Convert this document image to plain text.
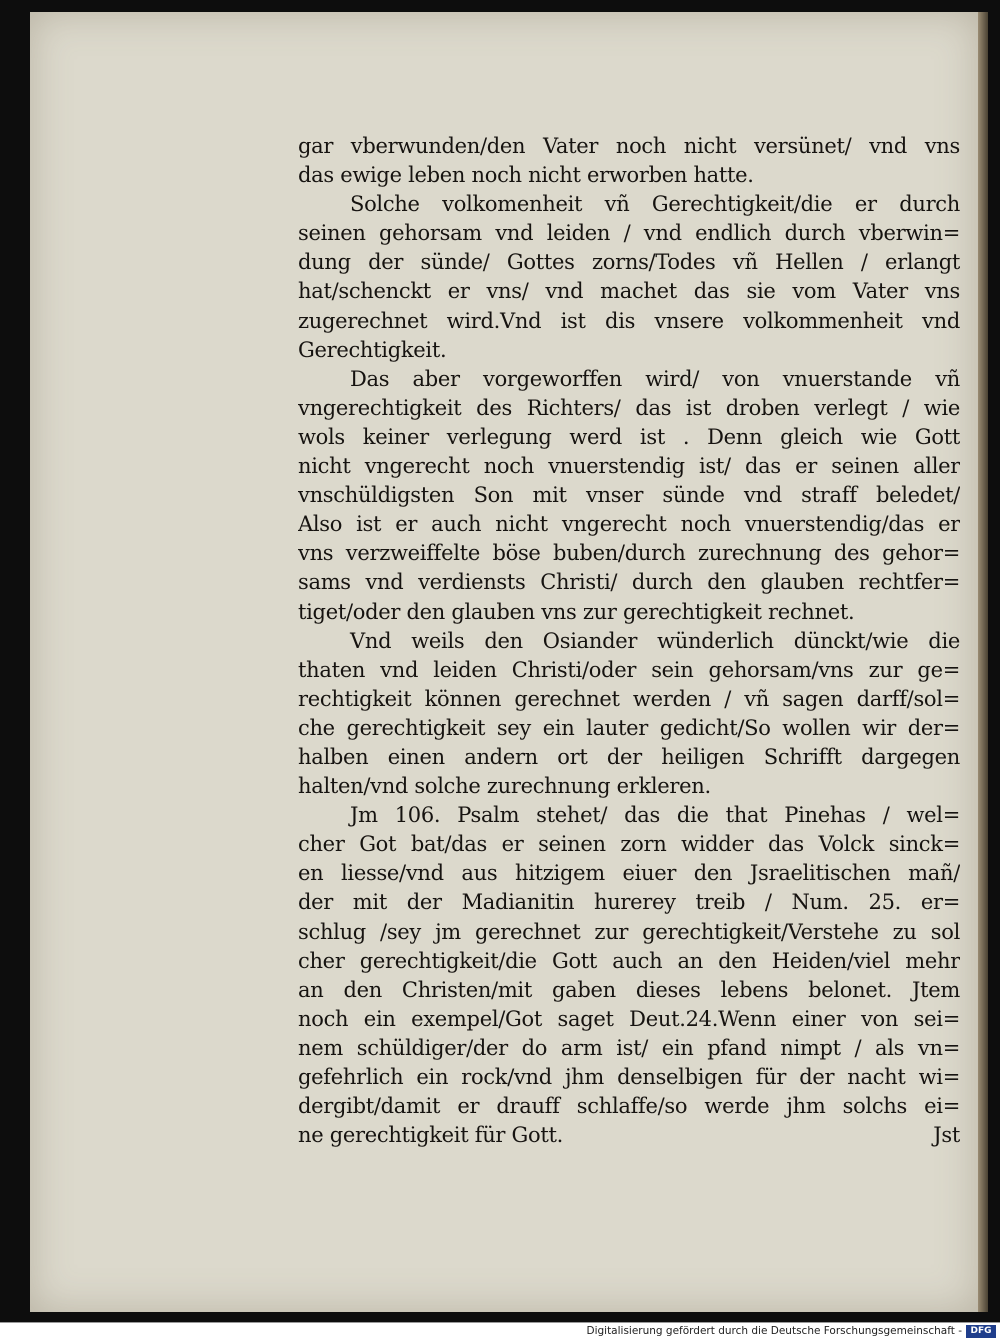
gar vberwunden/den Vater noch nicht versünet/ vnd vns
das ewige leben noch nicht erworben hatte.
Solche volkomenheit vñ Gerechtigkeit/die er durch
seinen gehorsam vnd leiden / vnd endlich durch vberwin=
dung der sünde/ Gottes zorns/Todes vñ Hellen / erlangt
hat/schenckt er vns/ vnd machet das sie vom Vater vns
zugerechnet wird.Vnd ist dis vnsere volkommenheit vnd
Gerechtigkeit.
Das aber vorgeworffen wird/ von vnuerstande vñ
vngerechtigkeit des Richters/ das ist droben verlegt / wie
wols keiner verlegung werd ist . Denn gleich wie Gott
nicht vngerecht noch vnuerstendig ist/ das er seinen aller
vnschüldigsten Son mit vnser sünde vnd straff beledet/
Also ist er auch nicht vngerecht noch vnuerstendig/das er
vns verzweiffelte böse buben/durch zurechnung des gehor=
sams vnd verdiensts Christi/ durch den glauben rechtfer=
tiget/oder den glauben vns zur gerechtigkeit rechnet.
Vnd weils den Osiander wünderlich dünckt/wie die
thaten vnd leiden Christi/oder sein gehorsam/vns zur ge=
rechtigkeit können gerechnet werden / vñ sagen darff/sol=
che gerechtigkeit sey ein lauter gedicht/So wollen wir der=
halben einen andern ort der heiligen Schrifft dargegen
halten/vnd solche zurechnung erkleren.
Jm 106. Psalm stehet/ das die that Pinehas / wel=
cher Got bat/das er seinen zorn widder das Volck sinck=
en liesse/vnd aus hitzigem eiuer den Jsraelitischen mañ/
der mit der Madianitin hurerey treib / Num. 25. er=
schlug /sey jm gerechnet zur gerechtigkeit/Verstehe zu sol
cher gerechtigkeit/die Gott auch an den Heiden/viel mehr
an den Christen/mit gaben dieses lebens belonet. Jtem
noch ein exempel/Got saget Deut.24.Wenn einer von sei=
nem schüldiger/der do arm ist/ ein pfand nimpt / als vn=
gefehrlich ein rock/vnd jhm denselbigen für der nacht wi=
dergibt/damit er drauff schlaffe/so werde jhm solchs ei=
ne gerechtigkeit für Gott.	Jst
Digitalisierung gefördert durch die Deutsche Forschungsgemeinschaft - DFG
